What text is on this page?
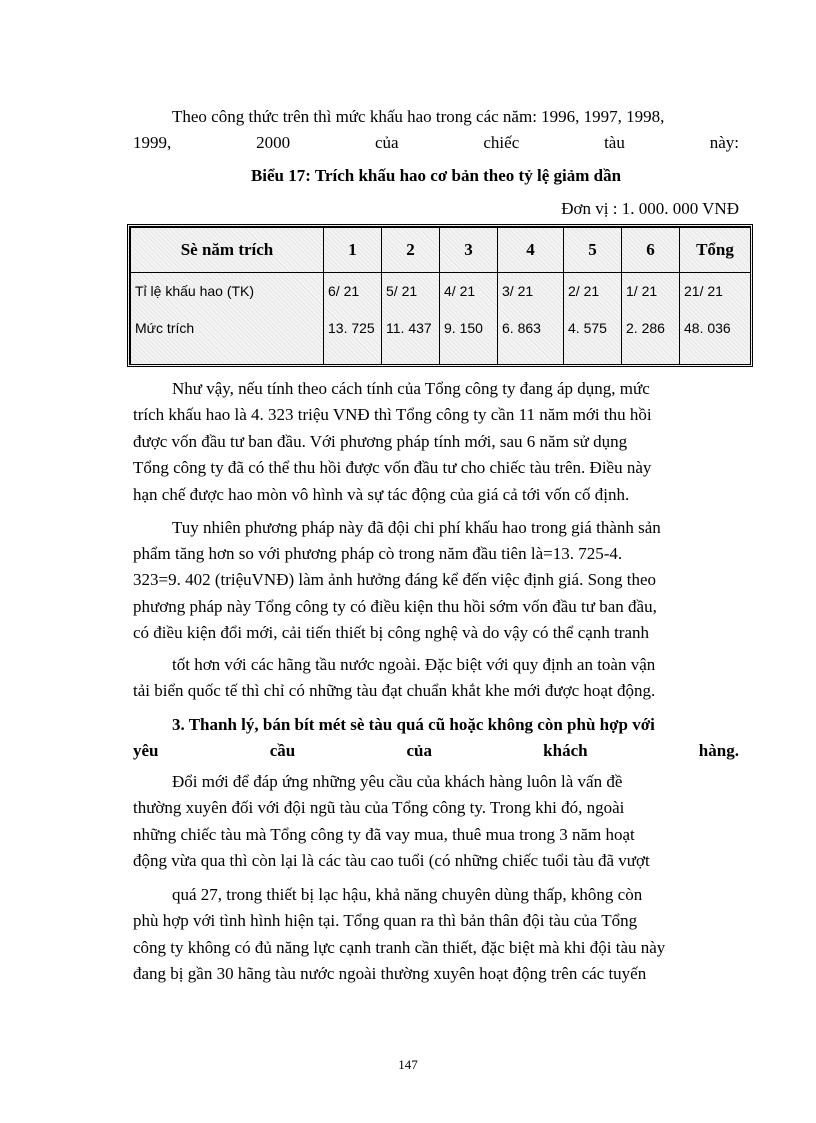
Theo công thức trên thì mức khấu hao trong các năm: 1996, 1997, 1998,
1999,	2000	của	chiếc	tàu	này:
Biểu 17: Trích khấu hao cơ bản theo tỷ lệ giảm dần
Đơn vị : 1. 000. 000 VNĐ
Sè năm trích	1	2	3	4	5	6	Tổng
Tỉ lệ khấu hao (TK)	6/ 21	5/ 21	4/ 21	3/ 21	2/ 21	1/ 21	21/ 21
Mức trích	13. 725	11. 437	9. 150	6. 863	4. 575	2. 286	48. 036
Như vậy, nếu tính theo cách tính của Tổng công ty đang áp dụng, mức
trích khấu hao là 4. 323 triệu VNĐ thì Tổng công ty cần 11 năm mới thu hồi
được vốn đầu tư ban đầu. Với phương pháp tính mới, sau 6 năm sử dụng
Tổng công ty đã có thể thu hồi được vốn đầu tư cho chiếc tàu trên. Điều này
hạn chế được hao mòn vô hình và sự tác động của giá cả tới vốn cố định.
Tuy nhiên phương pháp này đã đội chi phí khấu hao trong giá thành sản
phẩm tăng hơn so với phương pháp cò trong năm đầu tiên là=13. 725-4.
323=9. 402 (triệuVNĐ) làm ảnh hưởng đáng kể đến việc định giá. Song theo
phương pháp này Tổng công ty có điều kiện thu hồi sớm vốn đầu tư ban đầu,
có điều kiện đổi mới, cải tiến thiết bị công nghệ và do vậy có thể cạnh tranh
tốt hơn với các hãng tầu nước ngoài. Đặc biệt với quy định an toàn vận
tải biển quốc tế thì chỉ có những tàu đạt chuẩn khắt khe mới được hoạt động.
3. Thanh lý, bán bít mét sè tàu quá cũ hoặc không còn phù hợp với
yêu	cầu	của	khách	hàng.
Đổi mới để đáp ứng những yêu cầu của khách hàng luôn là vấn đề
thường xuyên đối với đội ngũ tàu của Tổng công ty. Trong khi đó, ngoài
những chiếc tàu mà Tổng công ty đã vay mua, thuê mua trong 3 năm hoạt
động vừa qua thì còn lại là các tàu cao tuổi (có những chiếc tuổi tàu đã vượt
quá 27, trong thiết bị lạc hậu, khả năng chuyên dùng thấp, không còn
phù hợp với tình hình hiện tại. Tổng quan ra thì bản thân đội tàu của Tổng
công ty không có đủ năng lực cạnh tranh cần thiết, đặc biệt mà khi đội tàu này
đang bị gần 30 hãng tàu nước ngoài thường xuyên hoạt động trên các tuyến
147
